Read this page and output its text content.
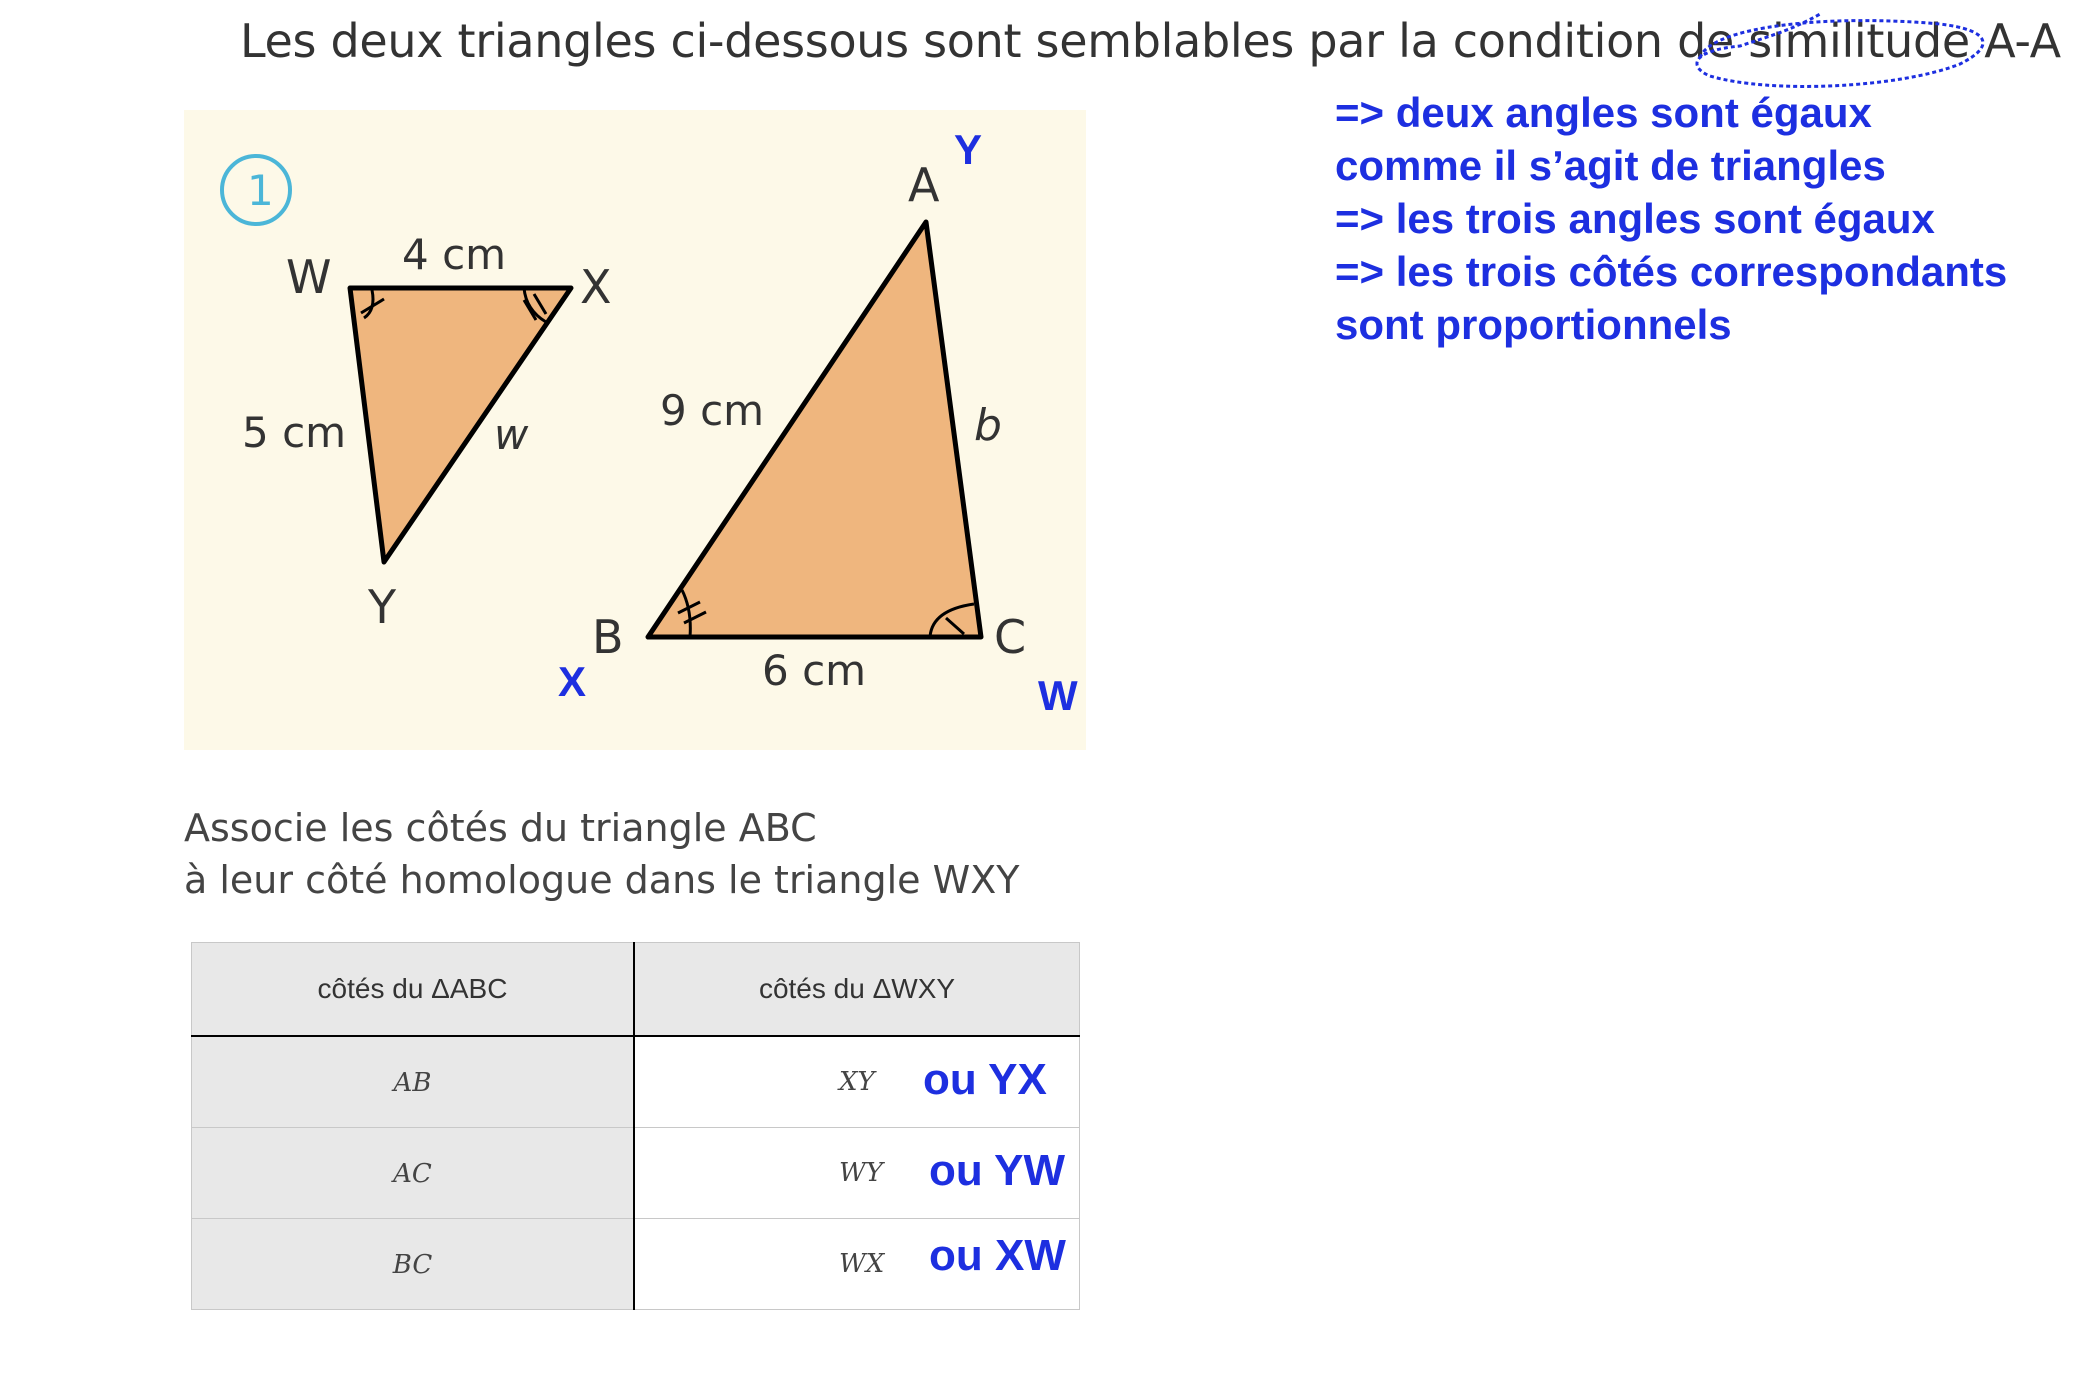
Les deux triangles ci-dessous sont semblables par la condition de similitude A-A
=> deux angles sont égaux
comme il s’agit de triangles
=> les trois angles sont égaux
=> les trois côtés correspondants
sont proportionnels
1
W	X
Y
4 cm
5 cm	w
A
B	C
9 cm
6 cm
b
Y
X	W
Associe les côtés du triangle ABC
à leur côté homologue dans le triangle WXY
côtés du ΔABC	côtés du ΔWXY
AB	XY ou YX

AC	WY ou YW

BC	WX ou XW
